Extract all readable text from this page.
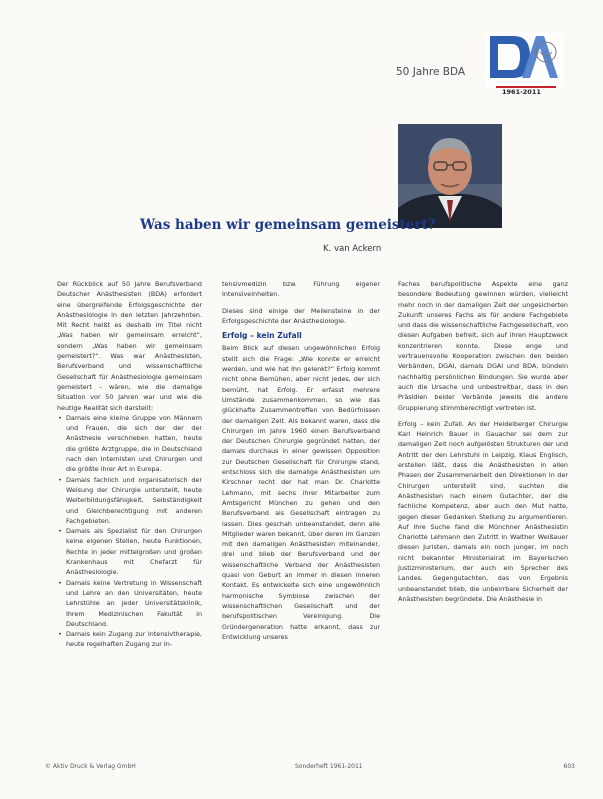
50 Jahre BDA
1961-2011
Was haben wir gemeinsam gemeistert?
K. van Ackern

Der Rückblick auf 50 Jahre Berufsverband Deutscher Anästhesisten (BDA) erfordert eine übergreifende Erfolgsgeschichte der Anästhesiologie in den letzten Jahrzehnten. Mit Recht heißt es deshalb im Titel nicht „Was haben wir gemeinsam erreicht“, sondern „Was haben wir gemeinsam gemeistert?“. Was war Anästhesisten, Berufsverband und wissenschaftliche Gesellschaft für Anästhesiologie gemeinsam gemeistert – wären, wie die damalige Situation vor 50 Jahren war und wie die heutige Realität sich darstellt:

• Damals eine kleine Gruppe von Männern und Frauen, die sich der der der Anästhesie verschrieben hatten, heute die größte Arztgruppe, die in Deutschland nach den Internisten und Chirurgen und die größte ihrer Art in Europa.
• Damals fachlich und organisatorisch der Weisung der Chirurgie unterstellt, heute Weiterbildungsfähigkeit, Selbständigkeit und Gleichberechtigung mit anderen Fachgebieten.
• Damals als Spezialist für den Chirurgen keine eigenen Stellen, heute Funktionen, Rechte in jeder mittelgroßen und großen Krankenhaus mit Chefarzt für Anästhesiologie.
• Damals keine Vertretung in Wissenschaft und Lehre an den Universitäten, heute Lehrstühle an jeder Universitätsklinik, Ihrem Medizinischen Fakultät in Deutschland.
• Damals kein Zugang zur Intensivtherapie, heute regelhaften Zugang zur In-

tensivmedizin bzw. Führung eigener Intensiveinheiten.

Dieses sind einige der Meilensteine in der Erfolgsgeschichte der Anästhesiologie.

Erfolg – kein Zufall

Beim Blick auf diesen ungewöhnlichen Erfolg stellt sich die Frage: „Wie konnte er erreicht werden, und wie hat ihn gelenkt?“ Erfolg kommt nicht ohne Bemühen, aber nicht jedes, der sich bemüht, hat Erfolg. Er erfasst mehrere Umstände zusammenkommen, so wie das glückhafte Zusammentreffen von Bedürfnissen der damaligen Zeit. Als bekannt waren, dass die Chirurgen im Jahre 1960 einen Berufsverband der Deutschen Chirurgie gegründet hatten, der damals durchaus in einer gewissen Opposition zur Deutschen Gesellschaft für Chirurgie stand, entschloss sich die damalige Anästhesisten um Kirschner recht der hat man Dr. Charlotte Lehmann, mit sechs ihrer Mitarbeiter zum Amtsgericht München zu gehen und den Berufsverband als Gesellschaft eintragen zu lassen. Dies geschah unbeanstandet, denn alle Mitglieder waren bekannt, über deren im Ganzen mit den damaligen Anästhesisten miteinander, drei und blieb der Berufsverband und der wissenschaftliche Verband der Anästhesisten quasi von Geburt an immer in diesen inneren Kontakt. Es entwickelte sich eine ungewöhnlich harmonische Symbiose zwischen der wissenschaftlichen Gesellschaft und der berufspolitischen Vereinigung. Die Gründergeneration hatte erkannt, dass zur Entwicklung unseres

Faches berufspolitische Aspekte eine ganz besondere Bedeutung gewinnen würden, vielleicht mehr noch in der damaligen Zeit der ungesicherten Zukunft unseres Fachs als für andere Fachgebiete und dass die wissenschaftliche Fachgesellschaft, von diesen Aufgaben befreit, sich auf ihren Hauptzweck konzentrieren konnte. Diese enge und vertrauensvolle Kooperation zwischen den beiden Verbänden, DGAI, damals DGAI und BDA, bündeln nachhaltig persönlichen Bindungen. Sie wurde aber auch die Ursache und unbestreitbar, dass in den Präsidien beider Verbände jeweils die andere Gruppierung stimmberechtigt vertreten ist.

Erfolg – kein Zufall. An der Heidelberger Chirurgie Karl Heinrich Bauer in Gauacher sei dem zur damaligen Zeit noch aufgelösten Strukturen der und Antritt der den Lehrstuhl in Leipzig, Klaus Englisch, erstellen läßt, dass die Anästhesisten in allen Phasen der Zusammenarbeit den Direktionen in der Chirurgen unterstellt sind, suchten die Anästhesisten nach einem Gutachter, der die fachliche Kompetenz, aber auch den Mut hatte, gegen dieser Gedanken Stellung zu argumentieren. Auf ihre Suche fand die Münchner Anästhesistin Charlotte Lehmann den Zutritt in Walther Weißauer diesen Juristen, damals ein noch junger, im noch nicht bekannter Ministerialrat im Bayerischen Justizministerium, der auch ein Sprecher des Landes. Gegengutachten, das von Ergebnis unbeanstandet blieb, die unbeirrbare Sicherheit der Anästhesisten begründete. Die Anästhesie in

© Aktiv Druck & Verlag GmbH	Sonderheft 1961-2011	603
